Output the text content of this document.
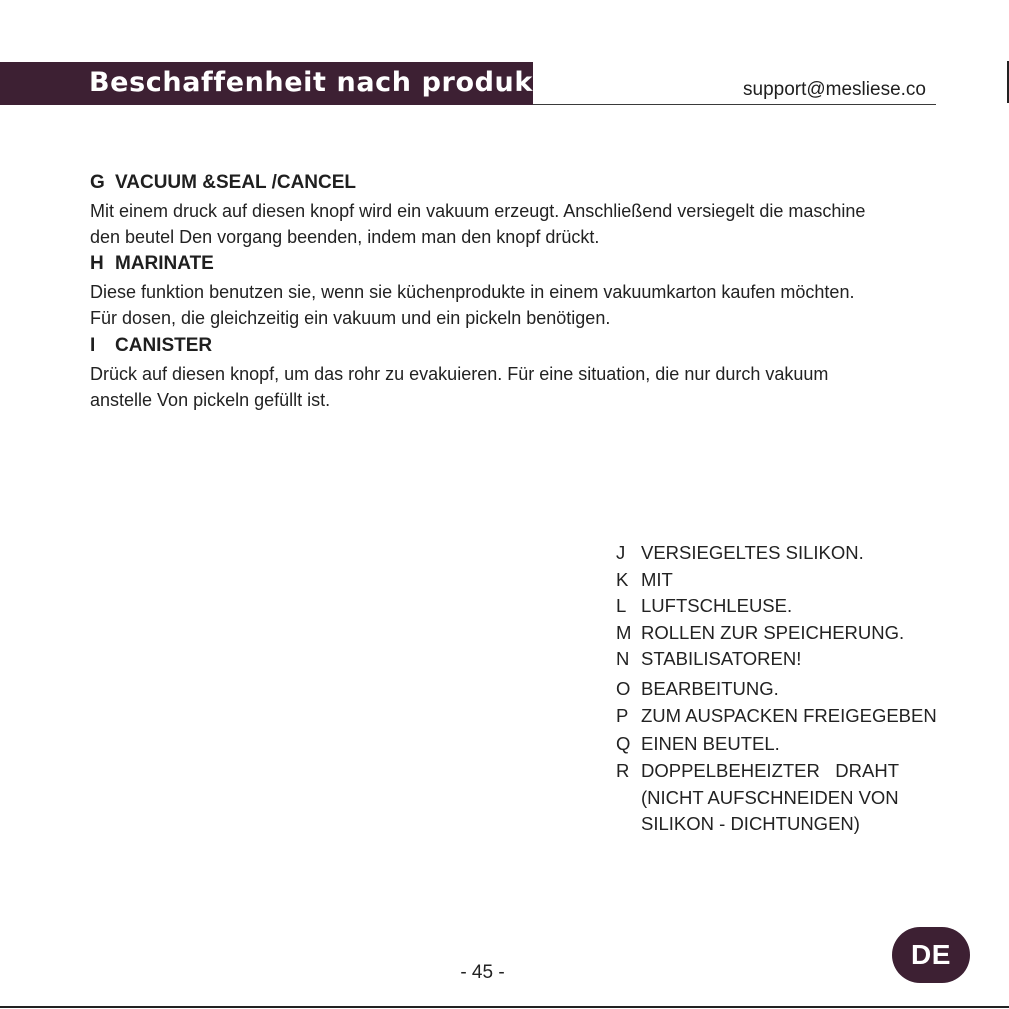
Beschaffenheit nach produkten	support@mesliese.co
G VACUUM &SEAL /CANCEL
Mit einem druck auf diesen knopf wird ein vakuum erzeugt. Anschließend versiegelt die maschine den beutel Den vorgang beenden, indem man den knopf drückt.
H MARINATE
Diese funktion benutzen sie, wenn sie küchenprodukte in einem vakuumkarton kaufen möchten. Für dosen, die gleichzeitig ein vakuum und ein pickeln benötigen.
I CANISTER
Drück auf diesen knopf, um das rohr zu evakuieren. Für eine situation, die nur durch vakuum anstelle Von pickeln gefüllt ist.
J VERSIEGELTES SILIKON.
K MIT
L LUFTSCHLEUSE.
M ROLLEN ZUR SPEICHERUNG.
N STABILISATOREN!
O BEARBEITUNG.
P ZUM AUSPACKEN FREIGEGEBEN
Q EINEN BEUTEL.
R DOPPELBEHEIZTER   DRAHT
(NICHT AUFSCHNEIDEN VON
SILIKON - DICHTUNGEN)
- 45 -
DE
